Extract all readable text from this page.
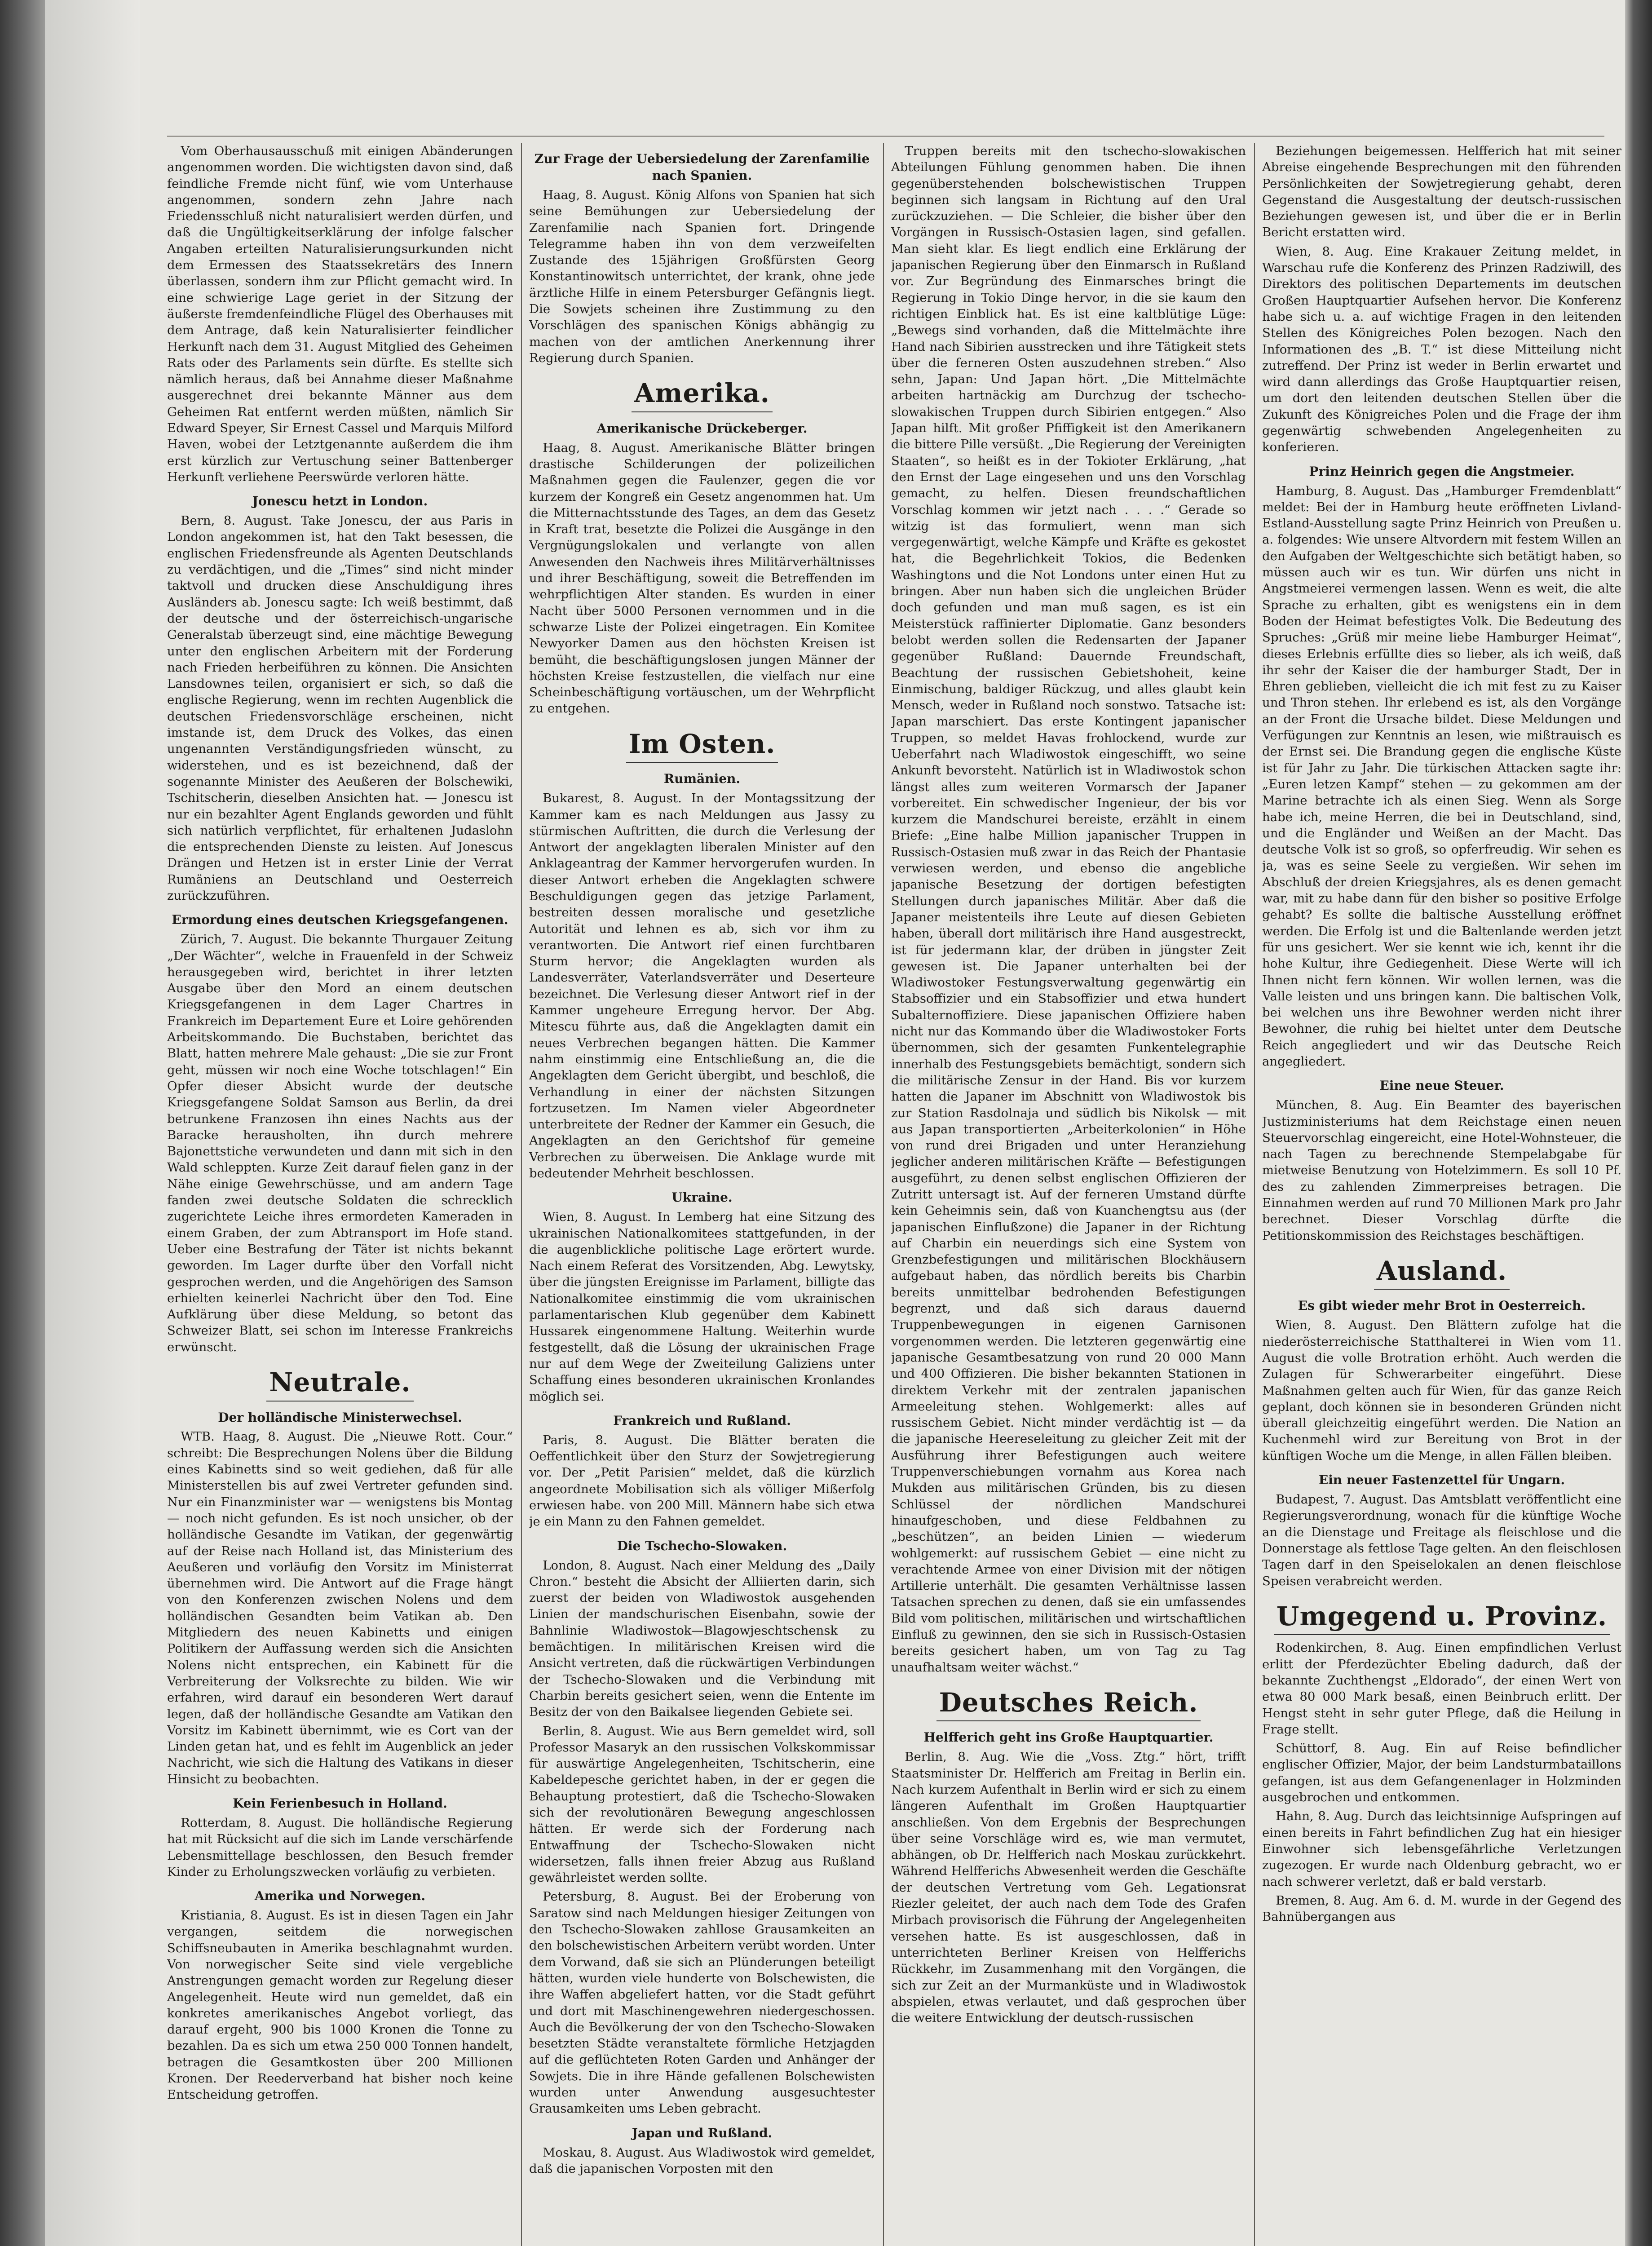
Vom Oberhausausschuß mit einigen Abänderungen angenommen worden. Die wichtigsten davon sind, daß feindliche Fremde nicht fünf, wie vom Unterhause angenommen, sondern zehn Jahre nach Friedensschluß nicht naturalisiert werden dürfen, und daß die Ungültigkeitserklärung der infolge falscher Angaben erteilten Naturalisierungsurkunden nicht dem Ermessen des Staatssekretärs des Innern überlassen, sondern ihm zur Pflicht gemacht wird. In eine schwierige Lage geriet in der Sitzung der äußerste fremdenfeindliche Flügel des Oberhauses mit dem Antrage, daß kein Naturalisierter feindlicher Herkunft nach dem 31. August Mitglied des Geheimen Rats oder des Parlaments sein dürfte. Es stellte sich nämlich heraus, daß bei Annahme dieser Maßnahme ausgerechnet drei bekannte Männer aus dem Geheimen Rat entfernt werden müßten, nämlich Sir Edward Speyer, Sir Ernest Cassel und Marquis Milford Haven, wobei der Letztgenannte außerdem die ihm erst kürzlich zur Vertuschung seiner Battenberger Herkunft verliehene Peerswürde verloren hätte.

Jonescu hetzt in London.

Bern, 8. August. Take Jonescu, der aus Paris in London angekommen ist, hat den Takt besessen, die englischen Friedensfreunde als Agenten Deutschlands zu verdächtigen, und die „Times“ sind nicht minder taktvoll und drucken diese Anschuldigung ihres Ausländers ab. Jonescu sagte: Ich weiß bestimmt, daß der deutsche und der österreichisch-ungarische Generalstab überzeugt sind, eine mächtige Bewegung unter den englischen Arbeitern mit der Forderung nach Frieden herbeiführen zu können. Die Ansichten Lansdownes teilen, organisiert er sich, so daß die englische Regierung, wenn im rechten Augenblick die deutschen Friedensvorschläge erscheinen, nicht imstande ist, dem Druck des Volkes, das einen ungenannten Verständigungsfrieden wünscht, zu widerstehen, und es ist bezeichnend, daß der sogenannte Minister des Aeußeren der Bolschewiki, Tschitscherin, dieselben Ansichten hat. — Jonescu ist nur ein bezahlter Agent Englands geworden und fühlt sich natürlich verpflichtet, für erhaltenen Judaslohn die entsprechenden Dienste zu leisten. Auf Jonescus Drängen und Hetzen ist in erster Linie der Verrat Rumäniens an Deutschland und Oesterreich zurückzuführen.

Ermordung eines deutschen Kriegsgefangenen.

Zürich, 7. August. Die bekannte Thurgauer Zeitung „Der Wächter“, welche in Frauenfeld in der Schweiz herausgegeben wird, berichtet in ihrer letzten Ausgabe über den Mord an einem deutschen Kriegsgefangenen in dem Lager Chartres in Frankreich im Departement Eure et Loire gehörenden Arbeitskommando. Die Buchstaben, berichtet das Blatt, hatten mehrere Male gehaust: „Die sie zur Front geht, müssen wir noch eine Woche totschlagen!“ Ein Opfer dieser Absicht wurde der deutsche Kriegsgefangene Soldat Samson aus Berlin, da drei betrunkene Franzosen ihn eines Nachts aus der Baracke herausholten, ihn durch mehrere Bajonettstiche verwundeten und dann mit sich in den Wald schleppten. Kurze Zeit darauf fielen ganz in der Nähe einige Gewehrschüsse, und am andern Tage fanden zwei deutsche Soldaten die schrecklich zugerichtete Leiche ihres ermordeten Kameraden in einem Graben, der zum Abtransport im Hofe stand. Ueber eine Bestrafung der Täter ist nichts bekannt geworden. Im Lager durfte über den Vorfall nicht gesprochen werden, und die Angehörigen des Samson erhielten keinerlei Nachricht über den Tod. Eine Aufklärung über diese Meldung, so betont das Schweizer Blatt, sei schon im Interesse Frankreichs erwünscht.

Neutrale.
Der holländische Ministerwechsel.

WTB. Haag, 8. August. Die „Nieuwe Rott. Cour.“ schreibt: Die Besprechungen Nolens über die Bildung eines Kabinetts sind so weit gediehen, daß für alle Ministerstellen bis auf zwei Vertreter gefunden sind. Nur ein Finanzminister war — wenigstens bis Montag — noch nicht gefunden. Es ist noch unsicher, ob der holländische Gesandte im Vatikan, der gegenwärtig auf der Reise nach Holland ist, das Ministerium des Aeußeren und vorläufig den Vorsitz im Ministerrat übernehmen wird. Die Antwort auf die Frage hängt von den Konferenzen zwischen Nolens und dem holländischen Gesandten beim Vatikan ab. Den Mitgliedern des neuen Kabinetts und einigen Politikern der Auffassung werden sich die Ansichten Nolens nicht entsprechen, ein Kabinett für die Verbreiterung der Volksrechte zu bilden. Wie wir erfahren, wird darauf ein besonderen Wert darauf legen, daß der holländische Gesandte am Vatikan den Vorsitz im Kabinett übernimmt, wie es Cort van der Linden getan hat, und es fehlt im Augenblick an jeder Nachricht, wie sich die Haltung des Vatikans in dieser Hinsicht zu beobachten.

Kein Ferienbesuch in Holland.

Rotterdam, 8. August. Die holländische Regierung hat mit Rücksicht auf die sich im Lande verschärfende Lebensmittellage beschlossen, den Besuch fremder Kinder zu Erholungszwecken vorläufig zu verbieten.

Amerika und Norwegen.

Kristiania, 8. August. Es ist in diesen Tagen ein Jahr vergangen, seitdem die norwegischen Schiffsneubauten in Amerika beschlagnahmt wurden. Von norwegischer Seite sind viele vergebliche Anstrengungen gemacht worden zur Regelung dieser Angelegenheit. Heute wird nun gemeldet, daß ein konkretes amerikanisches Angebot vorliegt, das darauf ergeht, 900 bis 1000 Kronen die Tonne zu bezahlen. Da es sich um etwa 250 000 Tonnen handelt, betragen die Gesamtkosten über 200 Millionen Kronen. Der Reederverband hat bisher noch keine Entscheidung getroffen.

Zur Frage der Uebersiedelung der Zarenfamilie nach Spanien.

Haag, 8. August. König Alfons von Spanien hat sich seine Bemühungen zur Uebersiedelung der Zarenfamilie nach Spanien fort. Dringende Telegramme haben ihn von dem verzweifelten Zustande des 15jährigen Großfürsten Georg Konstantinowitsch unterrichtet, der krank, ohne jede ärztliche Hilfe in einem Petersburger Gefängnis liegt. Die Sowjets scheinen ihre Zustimmung zu den Vorschlägen des spanischen Königs abhängig zu machen von der amtlichen Anerkennung ihrer Regierung durch Spanien.

Amerika.
Amerikanische Drückeberger.

Haag, 8. August. Amerikanische Blätter bringen drastische Schilderungen der polizeilichen Maßnahmen gegen die Faulenzer, gegen die vor kurzem der Kongreß ein Gesetz angenommen hat. Um die Mitternachtsstunde des Tages, an dem das Gesetz in Kraft trat, besetzte die Polizei die Ausgänge in den Vergnügungslokalen und verlangte von allen Anwesenden den Nachweis ihres Militärverhältnisses und ihrer Beschäftigung, soweit die Betreffenden im wehrpflichtigen Alter standen. Es wurden in einer Nacht über 5000 Personen vernommen und in die schwarze Liste der Polizei eingetragen. Ein Komitee Newyorker Damen aus den höchsten Kreisen ist bemüht, die beschäftigungslosen jungen Männer der höchsten Kreise festzustellen, die vielfach nur eine Scheinbeschäftigung vortäuschen, um der Wehrpflicht zu entgehen.

Im Osten.
Rumänien.

Bukarest, 8. August. In der Montagssitzung der Kammer kam es nach Meldungen aus Jassy zu stürmischen Auftritten, die durch die Verlesung der Antwort der angeklagten liberalen Minister auf den Anklageantrag der Kammer hervorgerufen wurden. In dieser Antwort erheben die Angeklagten schwere Beschuldigungen gegen das jetzige Parlament, bestreiten dessen moralische und gesetzliche Autorität und lehnen es ab, sich vor ihm zu verantworten. Die Antwort rief einen furchtbaren Sturm hervor; die Angeklagten wurden als Landesverräter, Vaterlandsverräter und Deserteure bezeichnet. Die Verlesung dieser Antwort rief in der Kammer ungeheure Erregung hervor. Der Abg. Mitescu führte aus, daß die Angeklagten damit ein neues Verbrechen begangen hätten. Die Kammer nahm einstimmig eine Entschließung an, die die Angeklagten dem Gericht übergibt, und beschloß, die Verhandlung in einer der nächsten Sitzungen fortzusetzen. Im Namen vieler Abgeordneter unterbreitete der Redner der Kammer ein Gesuch, die Angeklagten an den Gerichtshof für gemeine Verbrechen zu überweisen. Die Anklage wurde mit bedeutender Mehrheit beschlossen.

Ukraine.

Wien, 8. August. In Lemberg hat eine Sitzung des ukrainischen Nationalkomitees stattgefunden, in der die augenblickliche politische Lage erörtert wurde. Nach einem Referat des Vorsitzenden, Abg. Lewytsky, über die jüngsten Ereignisse im Parlament, billigte das Nationalkomitee einstimmig die vom ukrainischen parlamentarischen Klub gegenüber dem Kabinett Hussarek eingenommene Haltung. Weiterhin wurde festgestellt, daß die Lösung der ukrainischen Frage nur auf dem Wege der Zweiteilung Galiziens unter Schaffung eines besonderen ukrainischen Kronlandes möglich sei.

Frankreich und Rußland.

Paris, 8. August. Die Blätter beraten die Oeffentlichkeit über den Sturz der Sowjetregierung vor. Der „Petit Parisien“ meldet, daß die kürzlich angeordnete Mobilisation sich als völliger Mißerfolg erwiesen habe. von 200 Mill. Männern habe sich etwa je ein Mann zu den Fahnen gemeldet.

Die Tschecho-Slowaken.

London, 8. August. Nach einer Meldung des „Daily Chron.“ besteht die Absicht der Alliierten darin, sich zuerst der beiden von Wladiwostok ausgehenden Linien der mandschurischen Eisenbahn, sowie der Bahnlinie Wladiwostok—Blagowjeschtschensk zu bemächtigen. In militärischen Kreisen wird die Ansicht vertreten, daß die rückwärtigen Verbindungen der Tschecho-Slowaken und die Verbindung mit Charbin bereits gesichert seien, wenn die Entente im Besitz der von den Baikalsee liegenden Gebiete sei.

Berlin, 8. August. Wie aus Bern gemeldet wird, soll Professor Masaryk an den russischen Volkskommissar für auswärtige Angelegenheiten, Tschitscherin, eine Kabeldepesche gerichtet haben, in der er gegen die Behauptung protestiert, daß die Tschecho-Slowaken sich der revolutionären Bewegung angeschlossen hätten. Er werde sich der Forderung nach Entwaffnung der Tschecho-Slowaken nicht widersetzen, falls ihnen freier Abzug aus Rußland gewährleistet werden sollte.

Petersburg, 8. August. Bei der Eroberung von Saratow sind nach Meldungen hiesiger Zeitungen von den Tschecho-Slowaken zahllose Grausamkeiten an den bolschewistischen Arbeitern verübt worden. Unter dem Vorwand, daß sie sich an Plünderungen beteiligt hätten, wurden viele hunderte von Bolschewisten, die ihre Waffen abgeliefert hatten, vor die Stadt geführt und dort mit Maschinengewehren niedergeschossen. Auch die Bevölkerung der von den Tschecho-Slowaken besetzten Städte veranstaltete förmliche Hetzjagden auf die geflüchteten Roten Garden und Anhänger der Sowjets. Die in ihre Hände gefallenen Bolschewisten wurden unter Anwendung ausgesuchtester Grausamkeiten ums Leben gebracht.

Japan und Rußland.

Moskau, 8. August. Aus Wladiwostok wird gemeldet, daß die japanischen Vorposten mit den

Truppen bereits mit den tschecho-slowakischen Abteilungen Fühlung genommen haben. Die ihnen gegenüberstehenden bolschewistischen Truppen beginnen sich langsam in Richtung auf den Ural zurückzuziehen. — Die Schleier, die bisher über den Vorgängen in Russisch-Ostasien lagen, sind gefallen. Man sieht klar. Es liegt endlich eine Erklärung der japanischen Regierung über den Einmarsch in Rußland vor. Zur Begründung des Einmarsches bringt die Regierung in Tokio Dinge hervor, in die sie kaum den richtigen Einblick hat. Es ist eine kaltblütige Lüge: „Bewegs sind vorhanden, daß die Mittelmächte ihre Hand nach Sibirien ausstrecken und ihre Tätigkeit stets über die ferneren Osten auszudehnen streben.“ Also sehn, Japan: Und Japan hört. „Die Mittelmächte arbeiten hartnäckig am Durchzug der tschecho-slowakischen Truppen durch Sibirien entgegen.“ Also Japan hilft. Mit großer Pfiffigkeit ist den Amerikanern die bittere Pille versüßt. „Die Regierung der Vereinigten Staaten“, so heißt es in der Tokioter Erklärung, „hat den Ernst der Lage eingesehen und uns den Vorschlag gemacht, zu helfen. Diesen freundschaftlichen Vorschlag kommen wir jetzt nach . . . .“ Gerade so witzig ist das formuliert, wenn man sich vergegenwärtigt, welche Kämpfe und Kräfte es gekostet hat, die Begehrlichkeit Tokios, die Bedenken Washingtons und die Not Londons unter einen Hut zu bringen. Aber nun haben sich die ungleichen Brüder doch gefunden und man muß sagen, es ist ein Meisterstück raffinierter Diplomatie. Ganz besonders belobt werden sollen die Redensarten der Japaner gegenüber Rußland: Dauernde Freundschaft, Beachtung der russischen Gebietshoheit, keine Einmischung, baldiger Rückzug, und alles glaubt kein Mensch, weder in Rußland noch sonstwo. Tatsache ist: Japan marschiert. Das erste Kontingent japanischer Truppen, so meldet Havas frohlockend, wurde zur Ueberfahrt nach Wladiwostok eingeschifft, wo seine Ankunft bevorsteht. Natürlich ist in Wladiwostok schon längst alles zum weiteren Vormarsch der Japaner vorbereitet. Ein schwedischer Ingenieur, der bis vor kurzem die Mandschurei bereiste, erzählt in einem Briefe: „Eine halbe Million japanischer Truppen in Russisch-Ostasien muß zwar in das Reich der Phantasie verwiesen werden, und ebenso die angebliche japanische Besetzung der dortigen befestigten Stellungen durch japanisches Militär. Aber daß die Japaner meistenteils ihre Leute auf diesen Gebieten haben, überall dort militärisch ihre Hand ausgestreckt, ist für jedermann klar, der drüben in jüngster Zeit gewesen ist. Die Japaner unterhalten bei der Wladiwostoker Festungsverwaltung gegenwärtig ein Stabsoffizier und ein Stabsoffizier und etwa hundert Subalternoffiziere. Diese japanischen Offiziere haben nicht nur das Kommando über die Wladiwostoker Forts übernommen, sich der gesamten Funkentelegraphie innerhalb des Festungsgebiets bemächtigt, sondern sich die militärische Zensur in der Hand. Bis vor kurzem hatten die Japaner im Abschnitt von Wladiwostok bis zur Station Rasdolnaja und südlich bis Nikolsk — mit aus Japan transportierten „Arbeiterkolonien“ in Höhe von rund drei Brigaden und unter Heranziehung jeglicher anderen militärischen Kräfte — Befestigungen ausgeführt, zu denen selbst englischen Offizieren der Zutritt untersagt ist. Auf der ferneren Umstand dürfte kein Geheimnis sein, daß von Kuanchengtsu aus (der japanischen Einflußzone) die Japaner in der Richtung auf Charbin ein neuerdings sich eine System von Grenzbefestigungen und militärischen Blockhäusern aufgebaut haben, das nördlich bereits bis Charbin bereits unmittelbar bedrohenden Befestigungen begrenzt, und daß sich daraus dauernd Truppenbewegungen in eigenen Garnisonen vorgenommen werden. Die letzteren gegenwärtig eine japanische Gesamtbesatzung von rund 20 000 Mann und 400 Offizieren. Die bisher bekannten Stationen in direktem Verkehr mit der zentralen japanischen Armeeleitung stehen. Wohlgemerkt: alles auf russischem Gebiet. Nicht minder verdächtig ist — da die japanische Heereseleitung zu gleicher Zeit mit der Ausführung ihrer Befestigungen auch weitere Truppenverschiebungen vornahm aus Korea nach Mukden aus militärischen Gründen, bis zu diesen Schlüssel der nördlichen Mandschurei hinaufgeschoben, und diese Feldbahnen zu „beschützen“, an beiden Linien — wiederum wohlgemerkt: auf russischem Gebiet — eine nicht zu verachtende Armee von einer Division mit der nötigen Artillerie unterhält. Die gesamten Verhältnisse lassen Tatsachen sprechen zu denen, daß sie ein umfassendes Bild vom politischen, militärischen und wirtschaftlichen Einfluß zu gewinnen, den sie sich in Russisch-Ostasien bereits gesichert haben, um von Tag zu Tag unaufhaltsam weiter wächst.“

Deutsches Reich.
Helfferich geht ins Große Hauptquartier.

Berlin, 8. Aug. Wie die „Voss. Ztg.“ hört, trifft Staatsminister Dr. Helfferich am Freitag in Berlin ein. Nach kurzem Aufenthalt in Berlin wird er sich zu einem längeren Aufenthalt im Großen Hauptquartier anschließen. Von dem Ergebnis der Besprechungen über seine Vorschläge wird es, wie man vermutet, abhängen, ob Dr. Helfferich nach Moskau zurückkehrt. Während Helfferichs Abwesenheit werden die Geschäfte der deutschen Vertretung vom Geh. Legationsrat Riezler geleitet, der auch nach dem Tode des Grafen Mirbach provisorisch die Führung der Angelegenheiten versehen hatte. Es ist ausgeschlossen, daß in unterrichteten Berliner Kreisen von Helfferichs Rückkehr, im Zusammenhang mit den Vorgängen, die sich zur Zeit an der Murmanküste und in Wladiwostok abspielen, etwas verlautet, und daß gesprochen über die weitere Entwicklung der deutsch-russischen

Beziehungen beigemessen. Helfferich hat mit seiner Abreise eingehende Besprechungen mit den führenden Persönlichkeiten der Sowjetregierung gehabt, deren Gegenstand die Ausgestaltung der deutsch-russischen Beziehungen gewesen ist, und über die er in Berlin Bericht erstatten wird.

Wien, 8. Aug. Eine Krakauer Zeitung meldet, in Warschau rufe die Konferenz des Prinzen Radziwill, des Direktors des politischen Departements im deutschen Großen Hauptquartier Aufsehen hervor. Die Konferenz habe sich u. a. auf wichtige Fragen in den leitenden Stellen des Königreiches Polen bezogen. Nach den Informationen des „B. T.“ ist diese Mitteilung nicht zutreffend. Der Prinz ist weder in Berlin erwartet und wird dann allerdings das Große Hauptquartier reisen, um dort den leitenden deutschen Stellen über die Zukunft des Königreiches Polen und die Frage der ihm gegenwärtig schwebenden Angelegenheiten zu konferieren.

Prinz Heinrich gegen die Angstmeier.

Hamburg, 8. August. Das „Hamburger Fremdenblatt“ meldet: Bei der in Hamburg heute eröffneten Livland-Estland-Ausstellung sagte Prinz Heinrich von Preußen u. a. folgendes: Wie unsere Altvordern mit festem Willen an den Aufgaben der Weltgeschichte sich betätigt haben, so müssen auch wir es tun. Wir dürfen uns nicht in Angstmeierei vermengen lassen. Wenn es weit, die alte Sprache zu erhalten, gibt es wenigstens ein in dem Boden der Heimat befestigtes Volk. Die Bedeutung des Spruches: „Grüß mir meine liebe Hamburger Heimat“, dieses Erlebnis erfüllte dies so lieber, als ich weiß, daß ihr sehr der Kaiser die der hamburger Stadt, Der in Ehren geblieben, vielleicht die ich mit fest zu zu Kaiser und Thron stehen. Ihr erlebend es ist, als den Vorgänge an der Front die Ursache bildet. Diese Meldungen und Verfügungen zur Kenntnis an lesen, wie mißtrauisch es der Ernst sei. Die Brandung gegen die englische Küste ist für Jahr zu Jahr. Die türkischen Attacken sagte ihr: „Euren letzen Kampf“ stehen — zu gekommen am der Marine betrachte ich als einen Sieg. Wenn als Sorge habe ich, meine Herren, die bei in Deutschland, sind, und die Engländer und Weißen an der Macht. Das deutsche Volk ist so groß, so opferfreudig. Wir sehen es ja, was es seine Seele zu vergießen. Wir sehen im Abschluß der dreien Kriegsjahres, als es denen gemacht war, mit zu habe dann für den bisher so positive Erfolge gehabt? Es sollte die baltische Ausstellung eröffnet werden. Die Erfolg ist und die Baltenlande werden jetzt für uns gesichert. Wer sie kennt wie ich, kennt ihr die hohe Kultur, ihre Gediegenheit. Diese Werte will ich Ihnen nicht fern können. Wir wollen lernen, was die Valle leisten und uns bringen kann. Die baltischen Volk, bei welchen uns ihre Bewohner werden nicht ihrer Bewohner, die ruhig bei hieltet unter dem Deutsche Reich angegliedert und wir das Deutsche Reich angegliedert.

Eine neue Steuer.

München, 8. Aug. Ein Beamter des bayerischen Justizministeriums hat dem Reichstage einen neuen Steuervorschlag eingereicht, eine Hotel-Wohnsteuer, die nach Tagen zu berechnende Stempelabgabe für mietweise Benutzung von Hotelzimmern. Es soll 10 Pf. des zu zahlenden Zimmerpreises betragen. Die Einnahmen werden auf rund 70 Millionen Mark pro Jahr berechnet. Dieser Vorschlag dürfte die Petitionskommission des Reichstages beschäftigen.

Ausland.
Es gibt wieder mehr Brot in Oesterreich.

Wien, 8. August. Den Blättern zufolge hat die niederösterreichische Statthalterei in Wien vom 11. August die volle Brotration erhöht. Auch werden die Zulagen für Schwerarbeiter eingeführt. Diese Maßnahmen gelten auch für Wien, für das ganze Reich geplant, doch können sie in besonderen Gründen nicht überall gleichzeitig eingeführt werden. Die Nation an Kuchenmehl wird zur Bereitung von Brot in der künftigen Woche um die Menge, in allen Fällen bleiben.

Ein neuer Fastenzettel für Ungarn.

Budapest, 7. August. Das Amtsblatt veröffentlicht eine Regierungsverordnung, wonach für die künftige Woche an die Dienstage und Freitage als fleischlose und die Donnerstage als fettlose Tage gelten. An den fleischlosen Tagen darf in den Speiselokalen an denen fleischlose Speisen verabreicht werden.

Umgegend u. Provinz.

Rodenkirchen, 8. Aug. Einen empfindlichen Verlust erlitt der Pferdezüchter Ebeling dadurch, daß der bekannte Zuchthengst „Eldorado“, der einen Wert von etwa 80 000 Mark besaß, einen Beinbruch erlitt. Der Hengst steht in sehr guter Pflege, daß die Heilung in Frage stellt.

Schüttorf, 8. Aug. Ein auf Reise befindlicher englischer Offizier, Major, der beim Landsturmbataillons gefangen, ist aus dem Gefangenenlager in Holzminden ausgebrochen und entkommen.

Hahn, 8. Aug. Durch das leichtsinnige Aufspringen auf einen bereits in Fahrt befindlichen Zug hat ein hiesiger Einwohner sich lebensgefährliche Verletzungen zugezogen. Er wurde nach Oldenburg gebracht, wo er nach schwerer verletzt, daß er bald verstarb.

Bremen, 8. Aug. Am 6. d. M. wurde in der Gegend des Bahnübergangen aus
